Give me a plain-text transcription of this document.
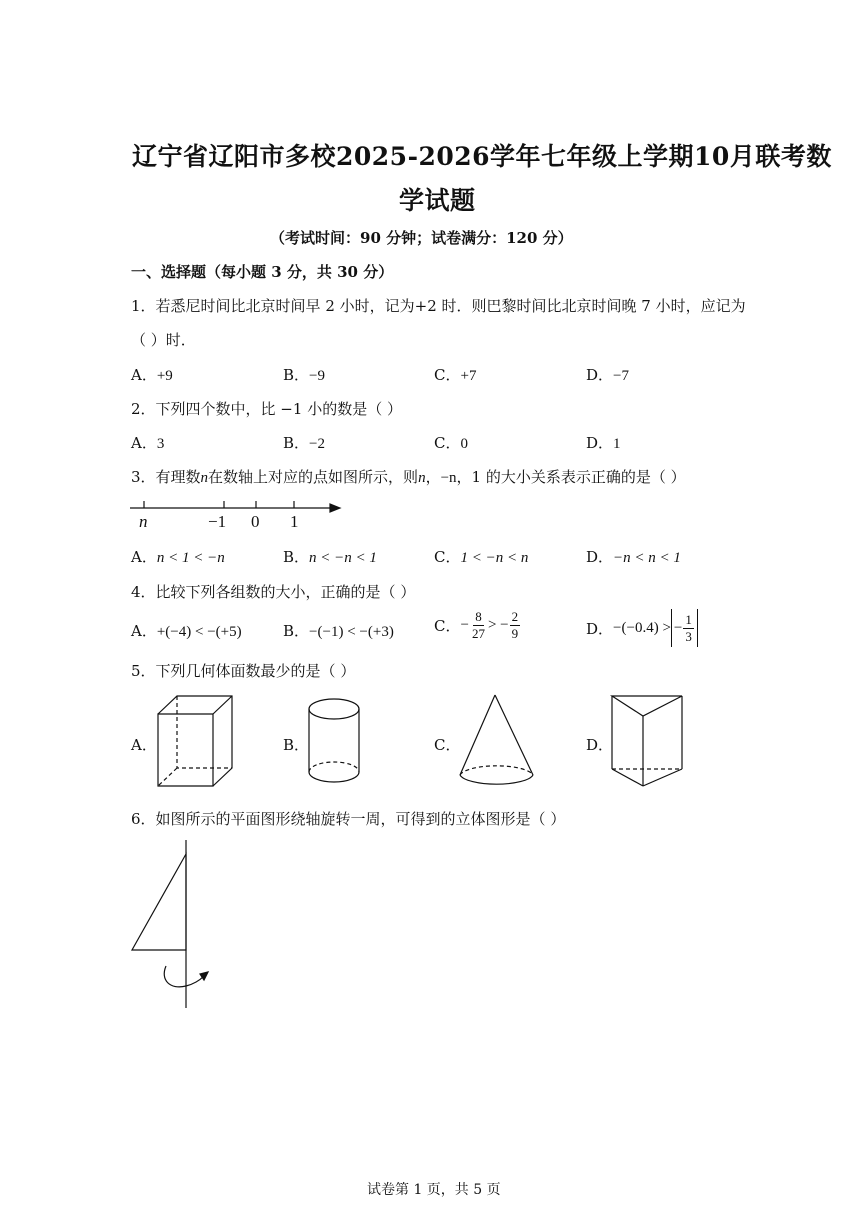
辽宁省辽阳市多校2025-2026学年七年级上学期10月联考数
学试题
（考试时间：90 分钟；试卷满分：120 分）
一、选择题（每小题 3 分，共 30 分）
1．若悉尼时间比北京时间早 2 小时，记为+2 时．则巴黎时间比北京时间晚 7 小时，应记为
（ ）时．
A．+9	B．−9	C．+7	D．−7
2．下列四个数中，比 −1 小的数是（ ）
A．3	B．−2	C．0	D．1
3．有理数n在数轴上对应的点如图所示，则n，−n，1 的大小关系表示正确的是（ ）
n	−1 0 1
A．n < 1 < −n	B．n < −n < 1	C．1 < −n < n	D．−n < n < 1
4．比较下列各组数的大小，正确的是（ ）
A．+(−4) < −(+5)	B．−(−1) < −(+3)	C． − $\frac{8}{27}$ > − $\frac{2}{9}$	D． −(−0.4) > − $\frac{1}{3}$
5．下列几何体面数最少的是（ ）
A．	B．	C．	D．
6．如图所示的平面图形绕轴旋转一周，可得到的立体图形是（ ）
试卷第 1 页，共 5 页
